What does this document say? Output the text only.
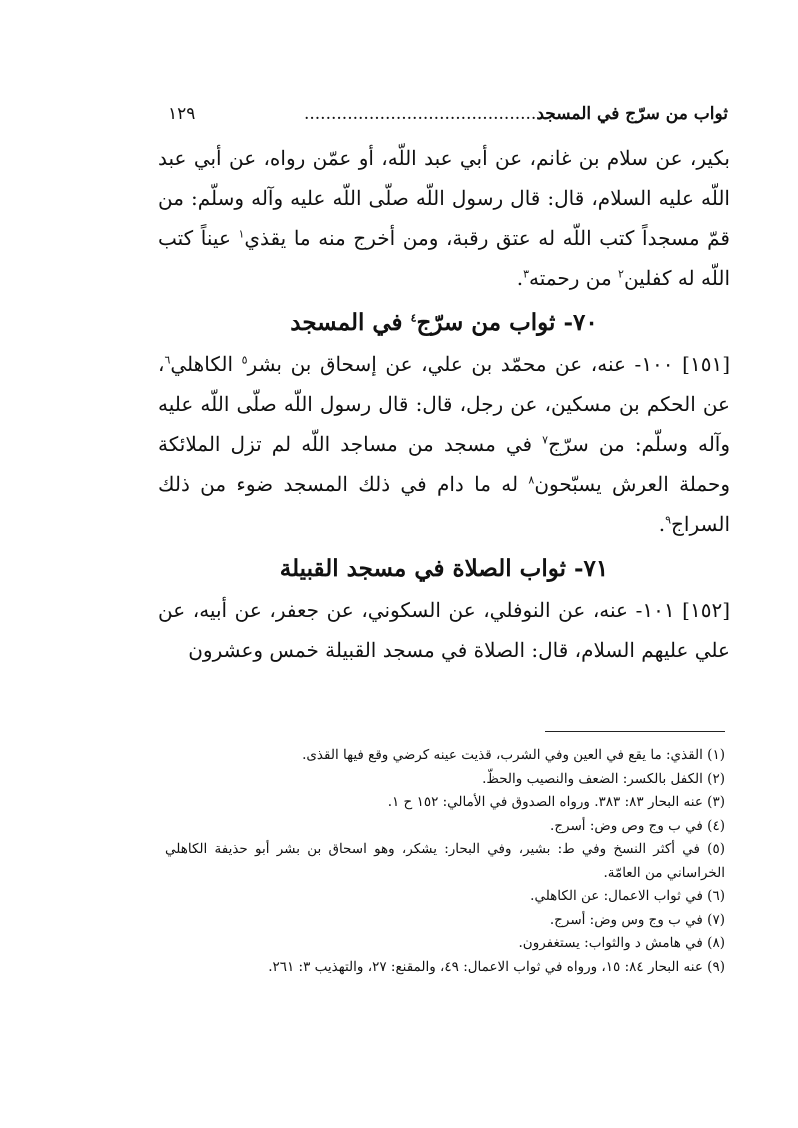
ثواب من سرّج في المسجد...........................................
١٢٩

بكير، عن سلام بن غانم، عن أبي عبد اللّه، أو عمّن رواه، عن أبي عبد اللّه عليه السلام، قال: قال رسول اللّه صلّى اللّه عليه وآله وسلّم: من قمّ مسجداً كتب اللّه له عتق رقبة، ومن أخرج منه ما يقذي$^١$ عيناً كتب اللّه له كفلين$^٢$ من رحمته$^٣$.

٧٠- ثواب من سرّج$^٤$ في المسجد

[١٥١] ١٠٠- عنه، عن محمّد بن علي، عن إسحاق بن بشر$^٥$ الكاهلي$^٦$، عن الحكم بن مسكين، عن رجل، قال: قال رسول اللّه صلّى اللّه عليه وآله وسلّم: من سرّج$^٧$ في مسجد من مساجد اللّه لم تزل الملائكة وحملة العرش يسبّحون$^٨$ له ما دام في ذلك المسجد ضوء من ذلك السراج$^٩$.

٧١- ثواب الصلاة في مسجد القبيلة

[١٥٢] ١٠١- عنه، عن النوفلي، عن السكوني، عن جعفر، عن أبيه، عن علي عليهم السلام، قال: الصلاة في مسجد القبيلة خمس وعشرون

(١) القذي: ما يقع في العين وفي الشرب، قذيت عينه كرضي وقع فيها القذى.

(٢) الكفل بالكسر: الضعف والنصيب والحظّ.

(٣) عنه البحار ٨٣: ٣٨٣. ورواه الصدوق في الأمالي: ١٥٢ ح ١.

(٤) في ب وج وص وض: أسرج.

(٥) في أكثر النسخ وفي ط: بشير، وفي البحار: يشكر، وهو اسحاق بن بشر أبو حذيفة الكاهلي الخراساني من العامّة.

(٦) في ثواب الاعمال: عن الكاهلي.

(٧) في ب وج وس وض: أسرج.

(٨) في هامش د والثواب: يستغفرون.

(٩) عنه البحار ٨٤: ١٥، ورواه في ثواب الاعمال: ٤٩، والمقنع: ٢٧، والتهذيب ٣: ٢٦١.
